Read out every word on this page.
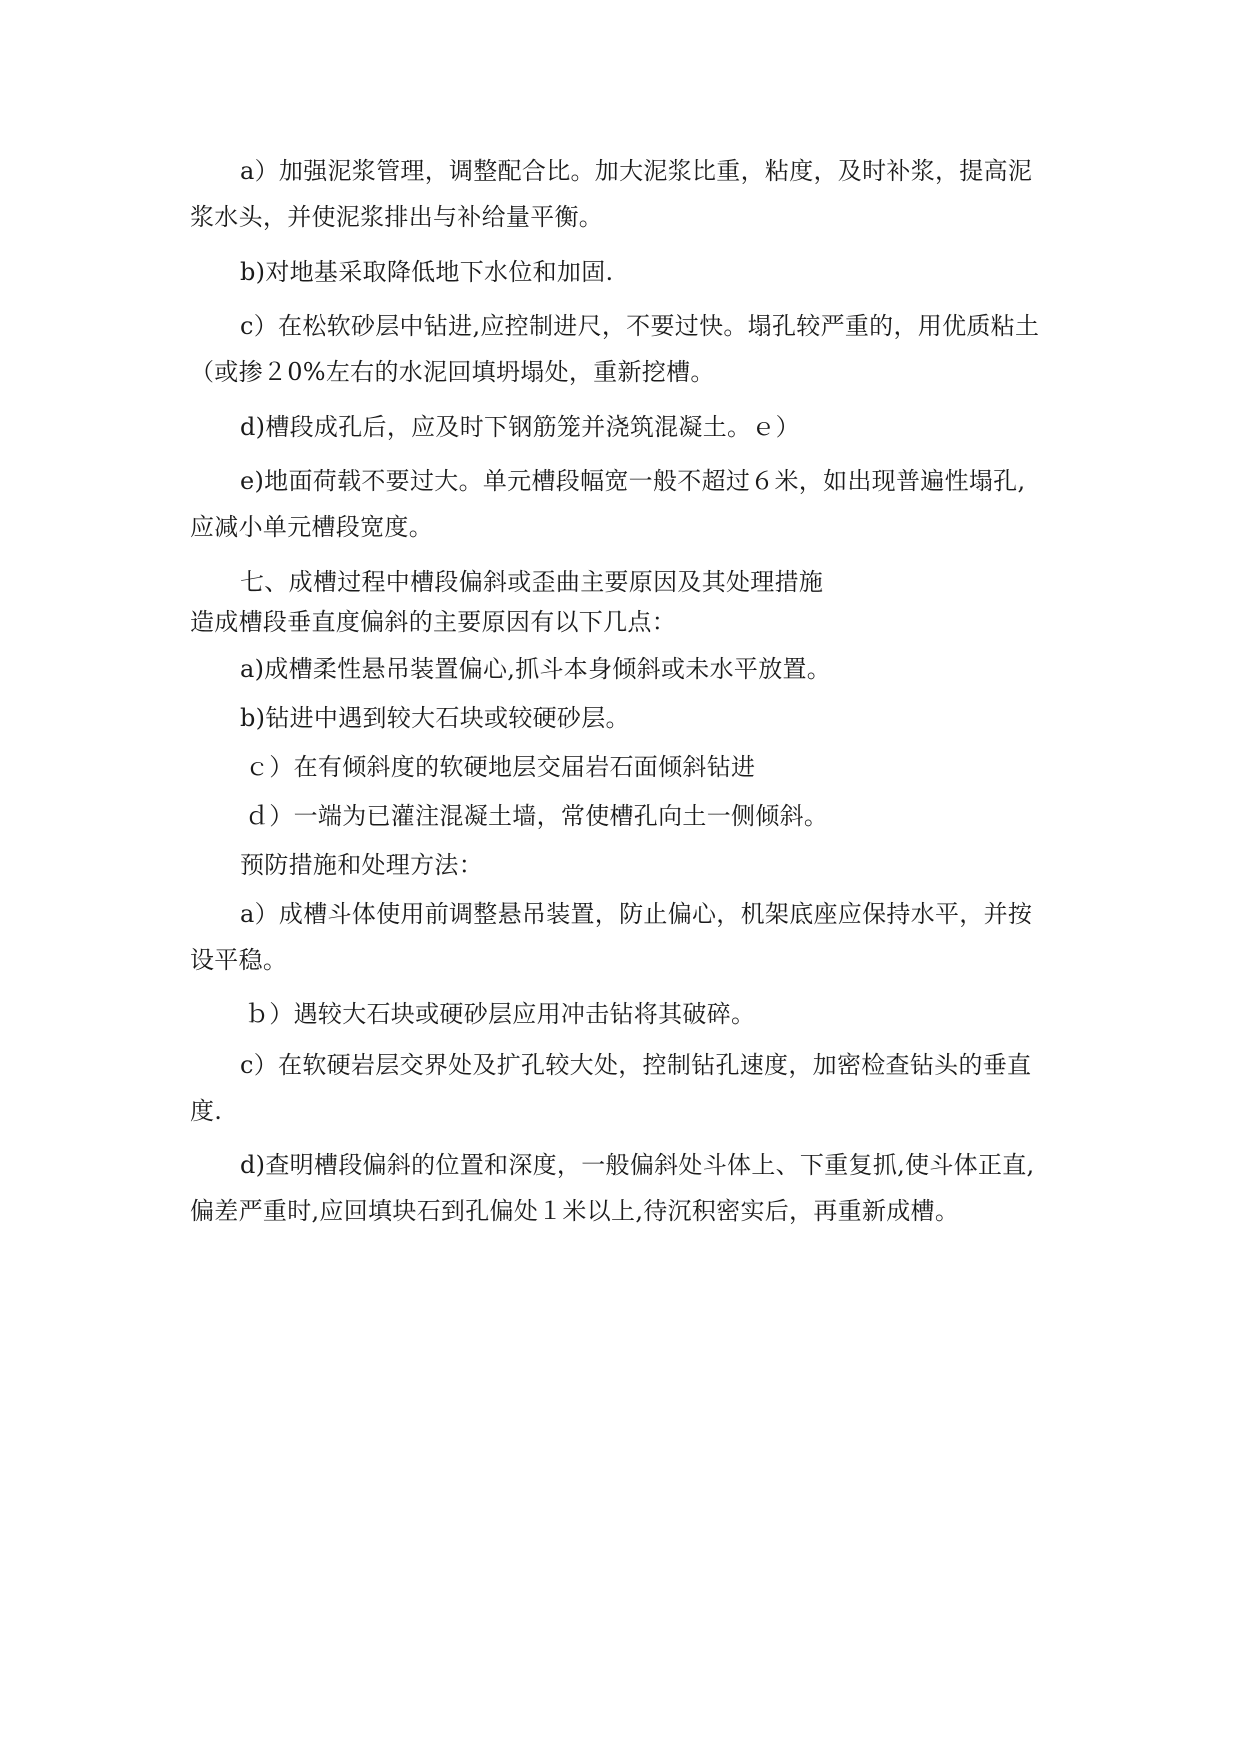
a）加强泥浆管理，调整配合比。加大泥浆比重，粘度，及时补浆，提高泥
浆水头，并使泥浆排出与补给量平衡。
b)对地基采取降低地下水位和加固.
c）在松软砂层中钻进,应控制进尺，不要过快。塌孔较严重的，用优质粘土
（或掺２0%左右的水泥回填坍塌处，重新挖槽。
d)槽段成孔后，应及时下钢筋笼并浇筑混凝土。ｅ）
e)地面荷载不要过大。单元槽段幅宽一般不超过６米，如出现普遍性塌孔,
应减小单元槽段宽度。
七、成槽过程中槽段偏斜或歪曲主要原因及其处理措施
造成槽段垂直度偏斜的主要原因有以下几点：
a)成槽柔性悬吊装置偏心,抓斗本身倾斜或未水平放置。
b)钻进中遇到较大石块或较硬砂层。
ｃ）在有倾斜度的软硬地层交届岩石面倾斜钻进
ｄ）一端为已灌注混凝土墙，常使槽孔向土一侧倾斜。
预防措施和处理方法：
a）成槽斗体使用前调整悬吊装置，防止偏心，机架底座应保持水平，并按
设平稳。
ｂ）遇较大石块或硬砂层应用冲击钻将其破碎。
c）在软硬岩层交界处及扩孔较大处，控制钻孔速度，加密检查钻头的垂直
度.
d)查明槽段偏斜的位置和深度，一般偏斜处斗体上、下重复抓,使斗体正直,
偏差严重时,应回填块石到孔偏处１米以上,待沉积密实后，再重新成槽。
